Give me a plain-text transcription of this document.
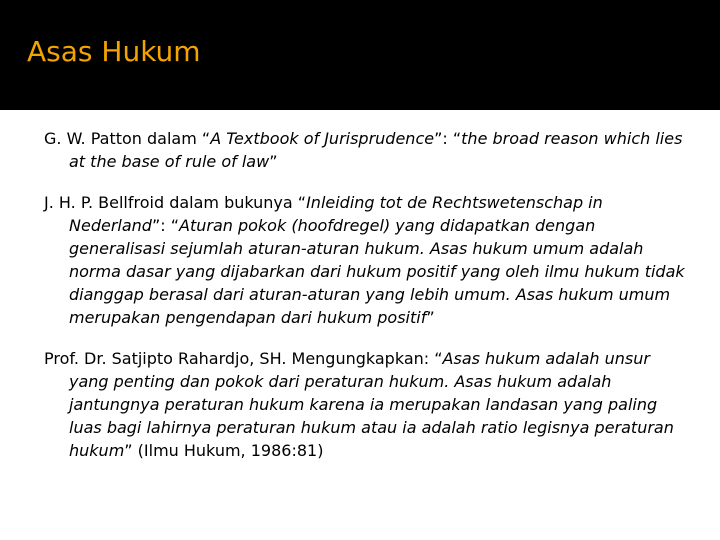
Asas Hukum

G. W. Patton dalam “A Textbook of Jurisprudence”: “the broad reason which lies at the base of rule of law”

J. H. P. Bellfroid dalam bukunya “Inleiding tot de Rechtswetenschap in Nederland”: “Aturan pokok (hoofdregel) yang didapatkan dengan generalisasi sejumlah aturan-aturan hukum. Asas hukum umum adalah norma dasar yang dijabarkan dari hukum positif yang oleh ilmu hukum tidak dianggap berasal dari aturan-aturan yang lebih umum. Asas hukum umum merupakan pengendapan dari hukum positif”

Prof. Dr. Satjipto Rahardjo, SH. Mengungkapkan: “Asas hukum adalah unsur yang penting dan pokok dari peraturan hukum. Asas hukum adalah jantungnya peraturan hukum karena ia merupakan landasan yang paling luas bagi lahirnya peraturan hukum atau ia adalah ratio legisnya peraturan hukum” (Ilmu Hukum, 1986:81)
